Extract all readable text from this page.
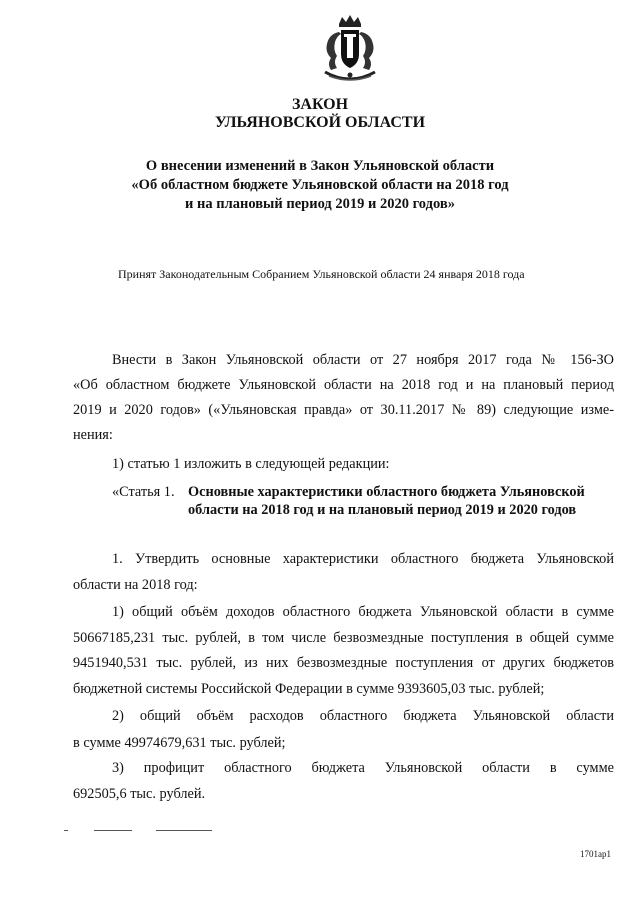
ЗАКОН
УЛЬЯНОВСКОЙ ОБЛАСТИ
О внесении изменений в Закон Ульяновской области
«Об областном бюджете Ульяновской области на 2018 год
и на плановый период 2019 и 2020 годов»
Принят Законодательным Собранием Ульяновской области 24 января 2018 года
Внести в Закон Ульяновской области от 27 ноября 2017 года № 156-ЗО
«Об областном бюджете Ульяновской области на 2018 год и на плановый период
2019 и 2020 годов» («Ульяновская правда» от 30.11.2017 № 89) следующие изме-
нения:
1) статью 1 изложить в следующей редакции:
«Статья 1. Основные характеристики областного бюджета Ульяновской
области на 2018 год и на плановый период 2019 и 2020 годов
1. Утвердить основные характеристики областного бюджета Ульяновской
области на 2018 год:
1) общий объём доходов областного бюджета Ульяновской области в сумме
50667185,231 тыс. рублей, в том числе безвозмездные поступления в общей сумме
9451940,531 тыс. рублей, из них безвозмездные поступления от других бюджетов
бюджетной системы Российской Федерации в сумме 9393605,03 тыс. рублей;
2) общий объём расходов областного бюджета Ульяновской области
в сумме 49974679,631 тыс. рублей;
3) профицит областного бюджета Ульяновской области в сумме
692505,6 тыс. рублей.
1701ap1
